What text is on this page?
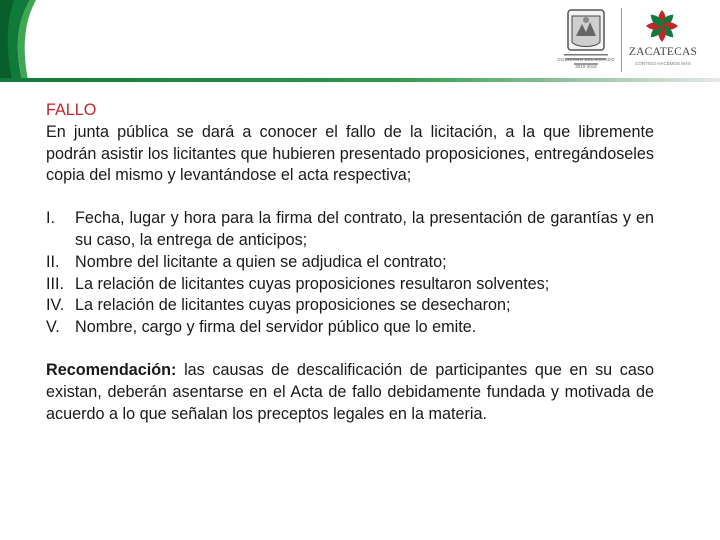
GOBIERNO DEL ESTADO
2010-2016
ZACATECAS
CONTIGO HACEMOS MÁS

FALLO

En junta pública se dará a conocer el fallo de la licitación, a la que libremente podrán asistir los licitantes que hubieren presentado proposiciones, entregándoseles copia del mismo y levantándose el acta respectiva;

I. Fecha, lugar y hora para la firma del contrato, la presentación de garantías y en su caso, la entrega de anticipos;
II. Nombre del licitante a quien se adjudica el contrato;
III. La relación de licitantes cuyas proposiciones resultaron solventes;
IV. La relación de licitantes cuyas proposiciones se desecharon;
V. Nombre, cargo y firma del servidor público que lo emite.

Recomendación: las causas de descalificación de participantes que en su caso existan, deberán asentarse en el Acta de fallo debidamente fundada y motivada de acuerdo a lo que señalan los preceptos legales en la materia.
